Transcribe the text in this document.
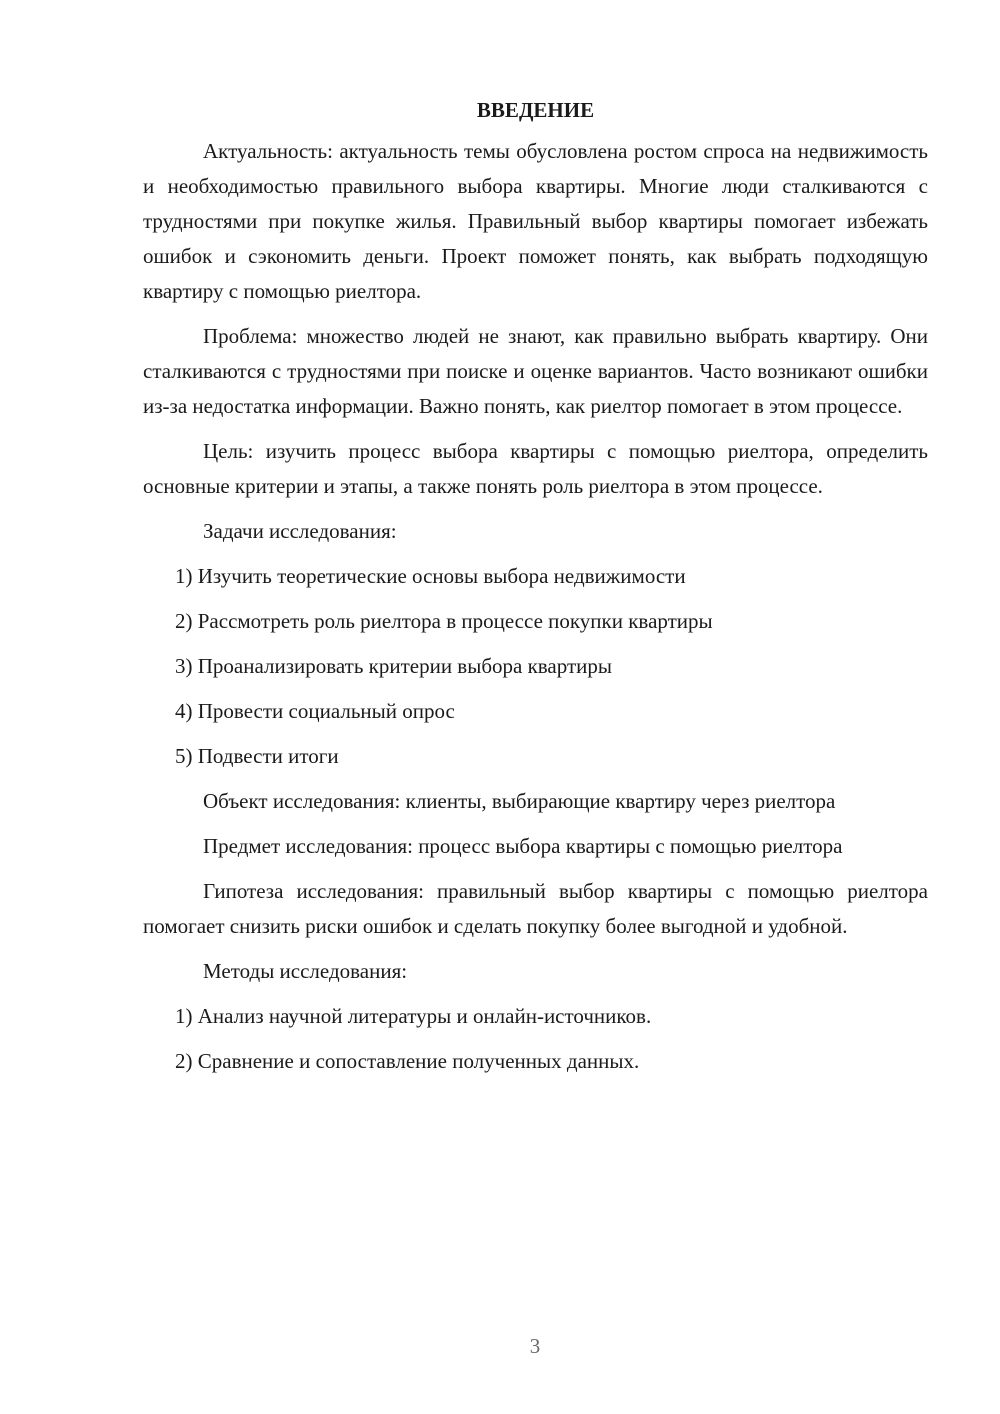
ВВЕДЕНИЕ

Актуальность: актуальность темы обусловлена ростом спроса на недвижимость и необходимостью правильного выбора квартиры. Многие люди сталкиваются с трудностями при покупке жилья. Правильный выбор квартиры помогает избежать ошибок и сэкономить деньги. Проект поможет понять, как выбрать подходящую квартиру с помощью риелтора.

Проблема: множество людей не знают, как правильно выбрать квартиру. Они сталкиваются с трудностями при поиске и оценке вариантов. Часто возникают ошибки из-за недостатка информации. Важно понять, как риелтор помогает в этом процессе.

Цель: изучить процесс выбора квартиры с помощью риелтора, определить основные критерии и этапы, а также понять роль риелтора в этом процессе.

Задачи исследования:

1) Изучить теоретические основы выбора недвижимости
2) Рассмотреть роль риелтора в процессе покупки квартиры
3) Проанализировать критерии выбора квартиры
4) Провести социальный опрос
5) Подвести итоги

Объект исследования: клиенты, выбирающие квартиру через риелтора

Предмет исследования: процесс выбора квартиры с помощью риелтора

Гипотеза исследования: правильный выбор квартиры с помощью риелтора помогает снизить риски ошибок и сделать покупку более выгодной и удобной.

Методы исследования:

1) Анализ научной литературы и онлайн-источников.
2) Сравнение и сопоставление полученных данных.
3
